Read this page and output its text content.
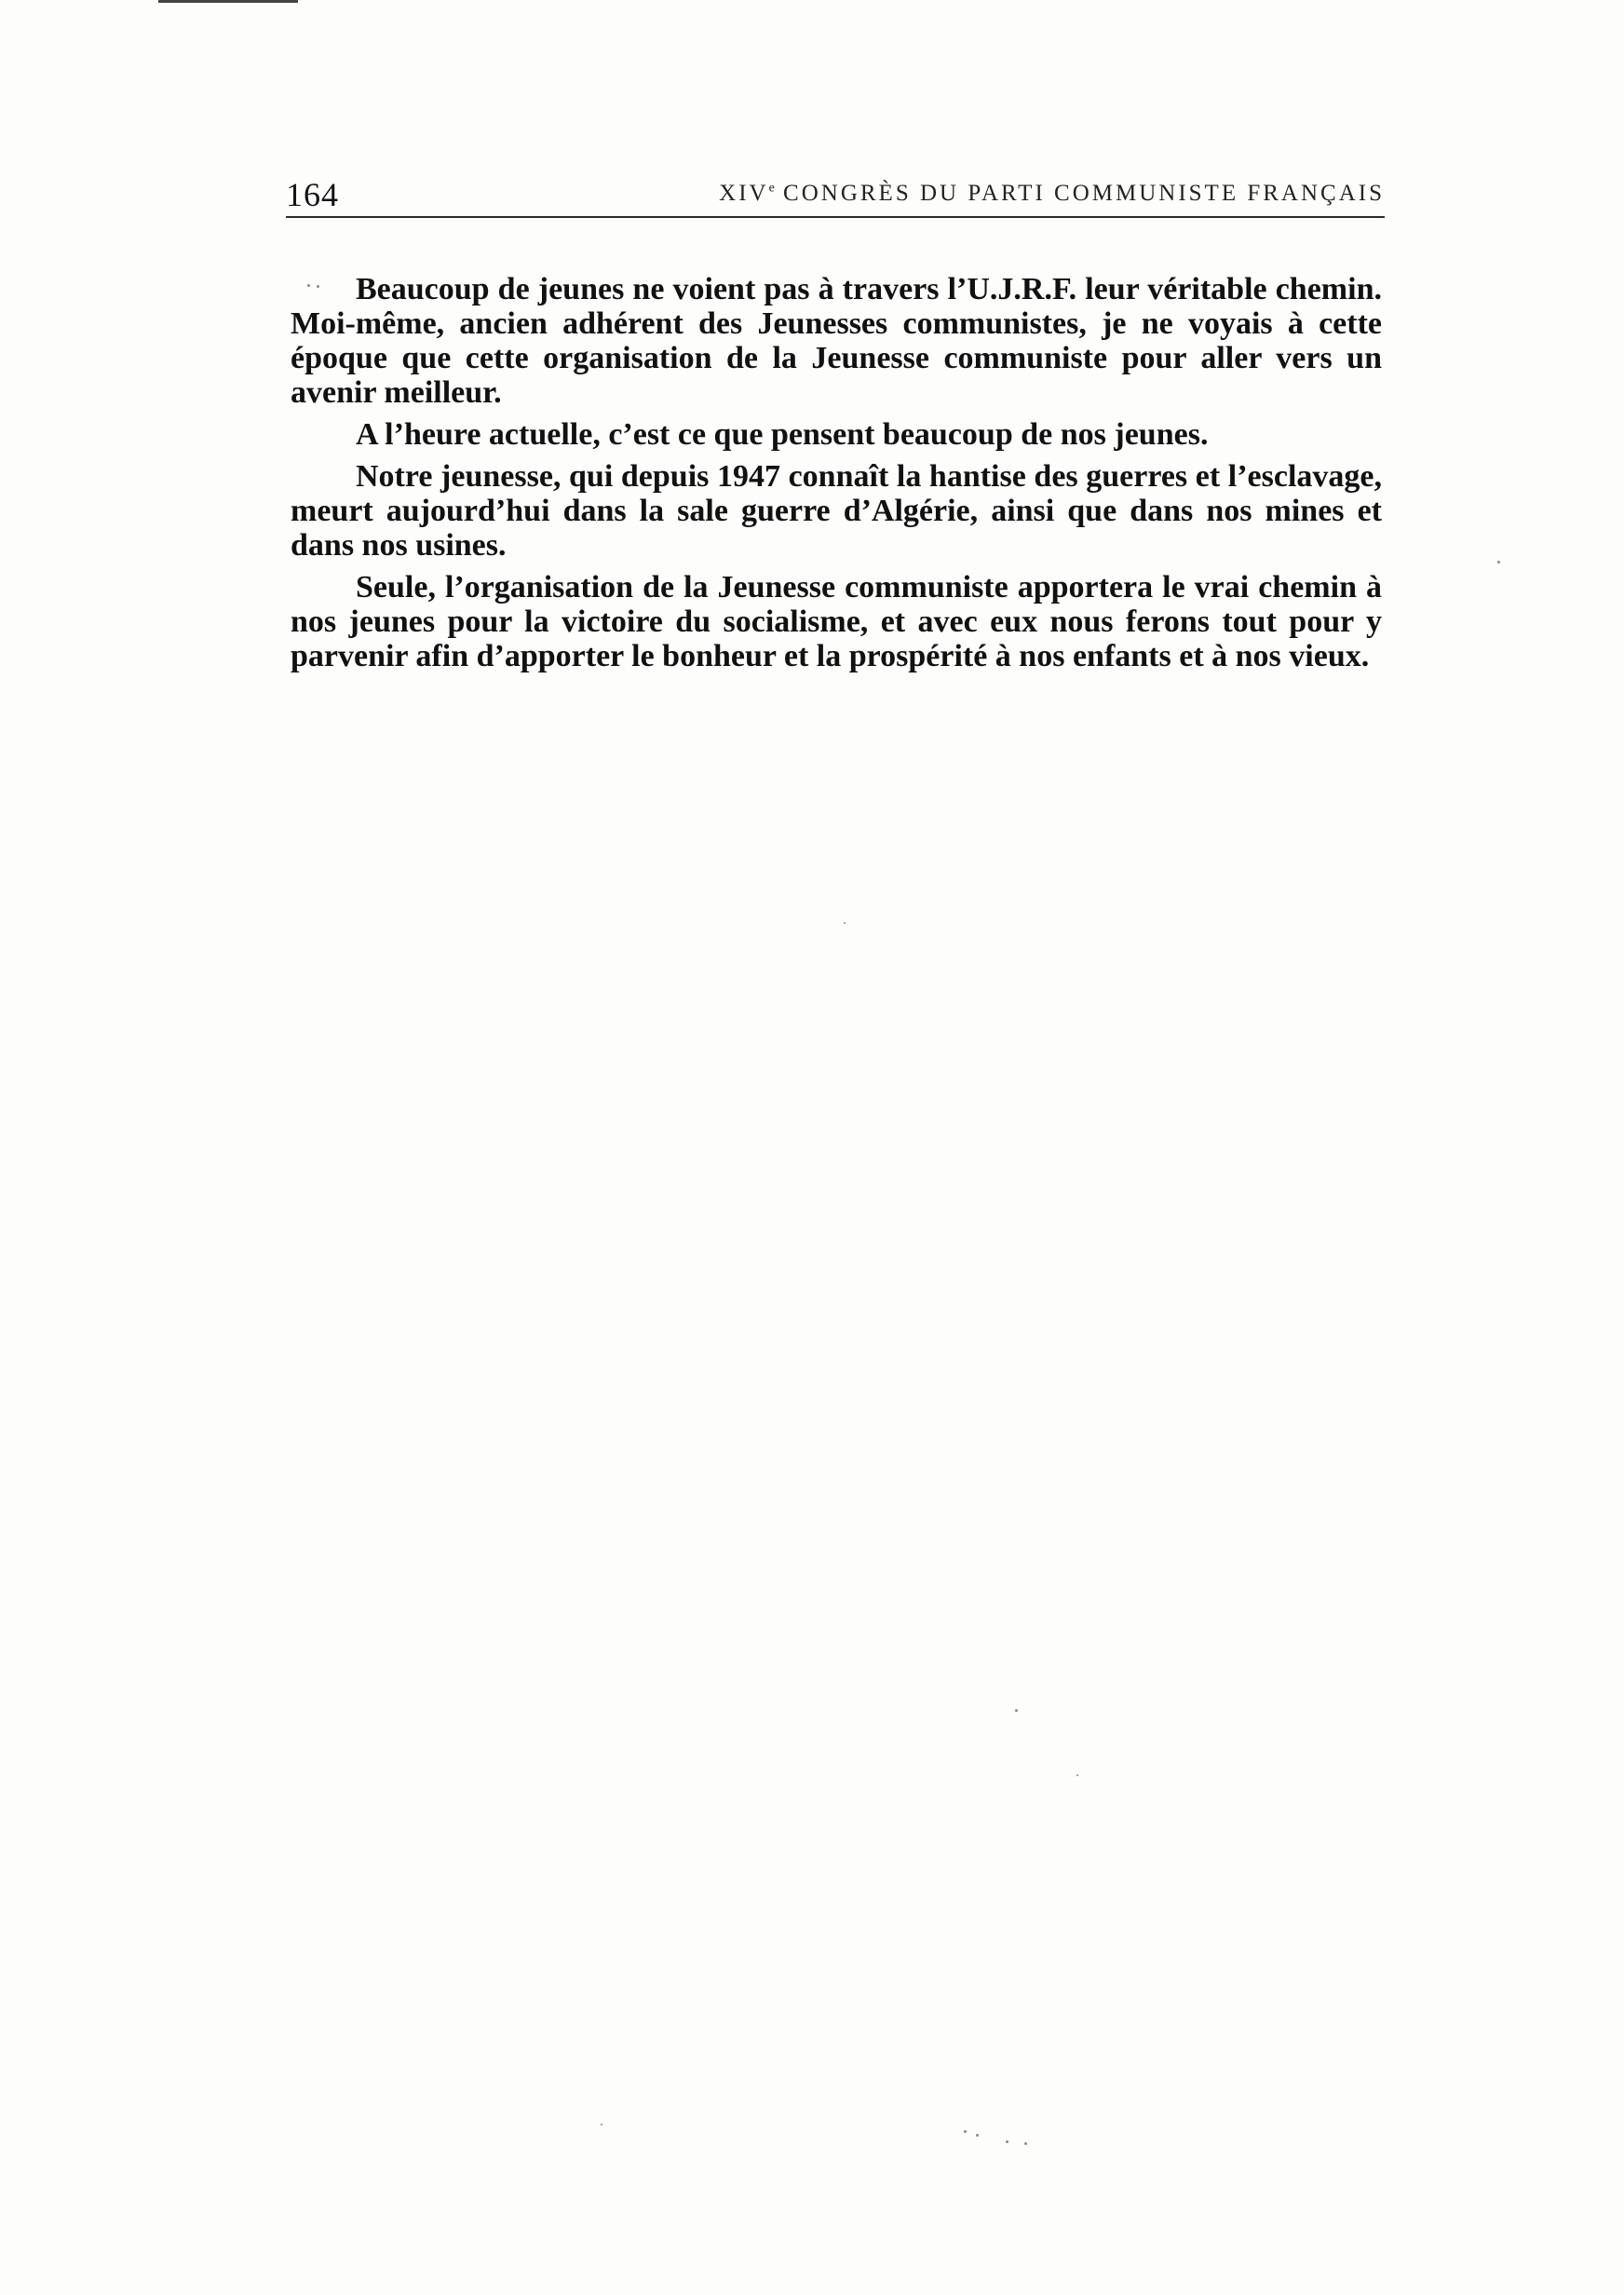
164	XIVe CONGRÈS DU PARTI COMMUNISTE FRANÇAIS

Beaucoup de jeunes ne voient pas à travers l’U.J.R.F. leur véritable chemin. Moi-même, ancien adhérent des Jeunesses communistes, je ne voyais à cette époque que cette organisation de la Jeunesse communiste pour aller vers un avenir meilleur.

A l’heure actuelle, c’est ce que pensent beaucoup de nos jeunes.

Notre jeunesse, qui depuis 1947 connaît la hantise des guerres et l’esclavage, meurt aujourd’hui dans la sale guerre d’Algérie, ainsi que dans nos mines et dans nos usines.

Seule, l’organisation de la Jeunesse communiste apportera le vrai chemin à nos jeunes pour la victoire du socialisme, et avec eux nous ferons tout pour y parvenir afin d’apporter le bonheur et la prospérité à nos enfants et à nos vieux.
